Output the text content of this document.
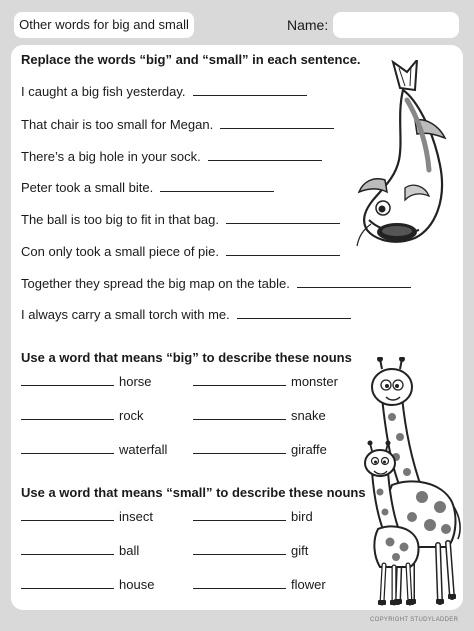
Other words for big and small	Name:
Replace the words “big” and “small” in each sentence.
I caught a big fish yesterday.
That chair is too small for Megan.
There’s a big hole in your sock.
Peter took a small bite.
The ball is too big to fit in that bag.
Con only took a small piece of pie.
Together they spread the big map on the table.
I always carry a small torch with me.
Use a word that means “big” to describe these nouns
horse	monster
rock	snake
waterfall	giraffe
Use a word that means “small” to describe these nouns
insect	bird
ball	gift
house	flower
COPYRIGHT STUDYLADDER
